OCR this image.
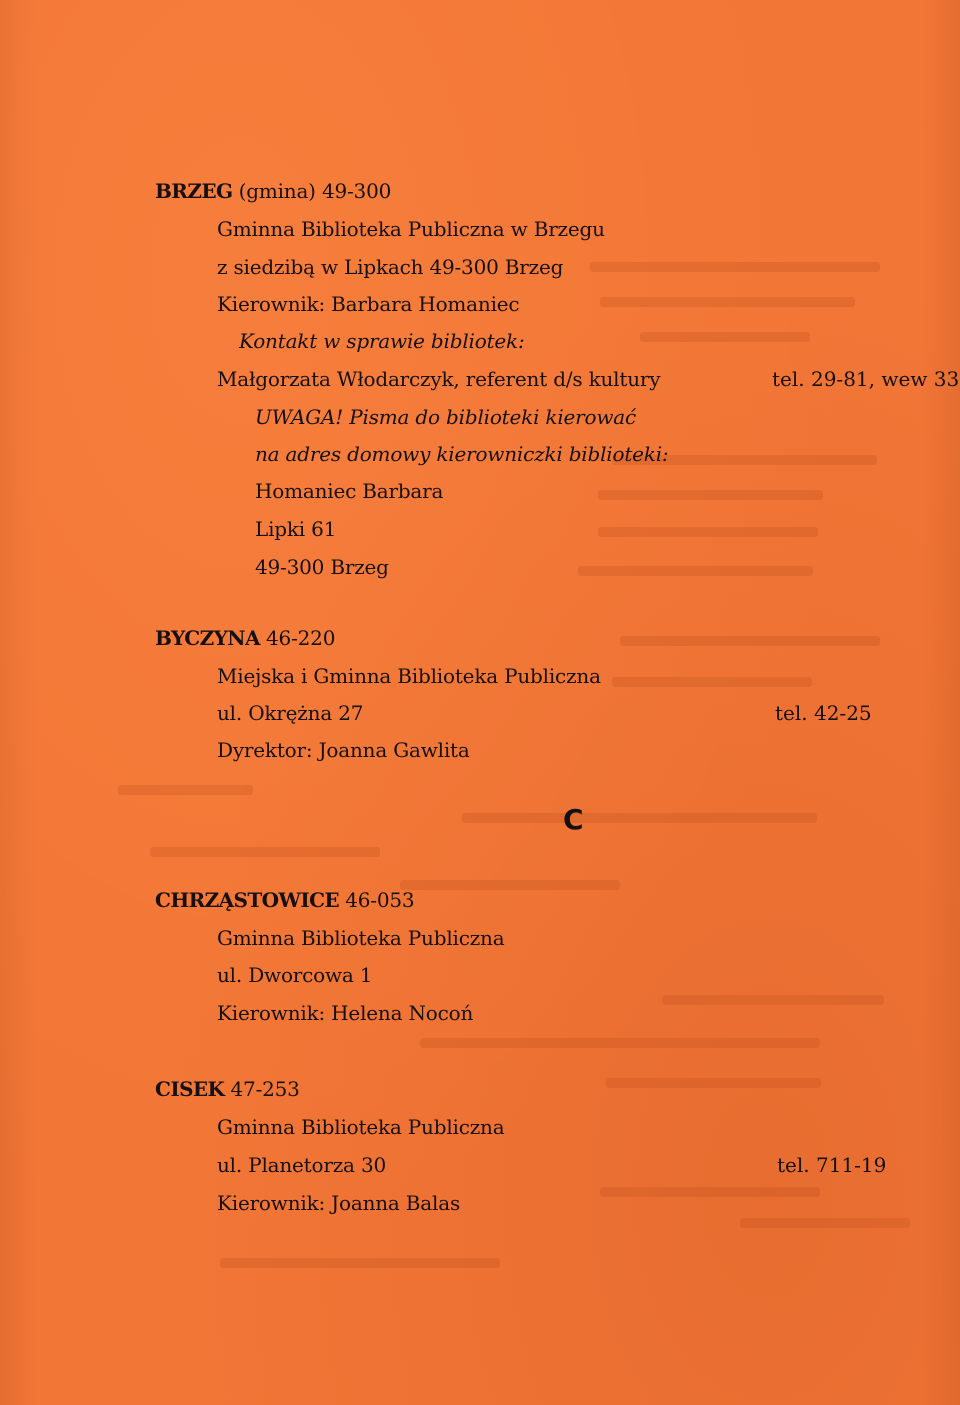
BRZEG (gmina) 49-300
Gminna Biblioteka Publiczna w Brzegu
z siedzibą w Lipkach 49-300 Brzeg
Kierownik: Barbara Homaniec
Kontakt w sprawie bibliotek:
Małgorzata Włodarczyk, referent d/s kultury	tel. 29-81, wew 33
UWAGA! Pisma do biblioteki kierować
na adres domowy kierowniczki biblioteki:
Homaniec Barbara
Lipki 61
49-300 Brzeg
BYCZYNA 46-220
Miejska i Gminna Biblioteka Publiczna
ul. Okrężna 27	tel. 42-25
Dyrektor: Joanna Gawlita
C
CHRZĄSTOWICE 46-053
Gminna Biblioteka Publiczna
ul. Dworcowa 1
Kierownik: Helena Nocoń
CISEK 47-253
Gminna Biblioteka Publiczna
ul. Planetorza 30	tel. 711-19
Kierownik: Joanna Balas
